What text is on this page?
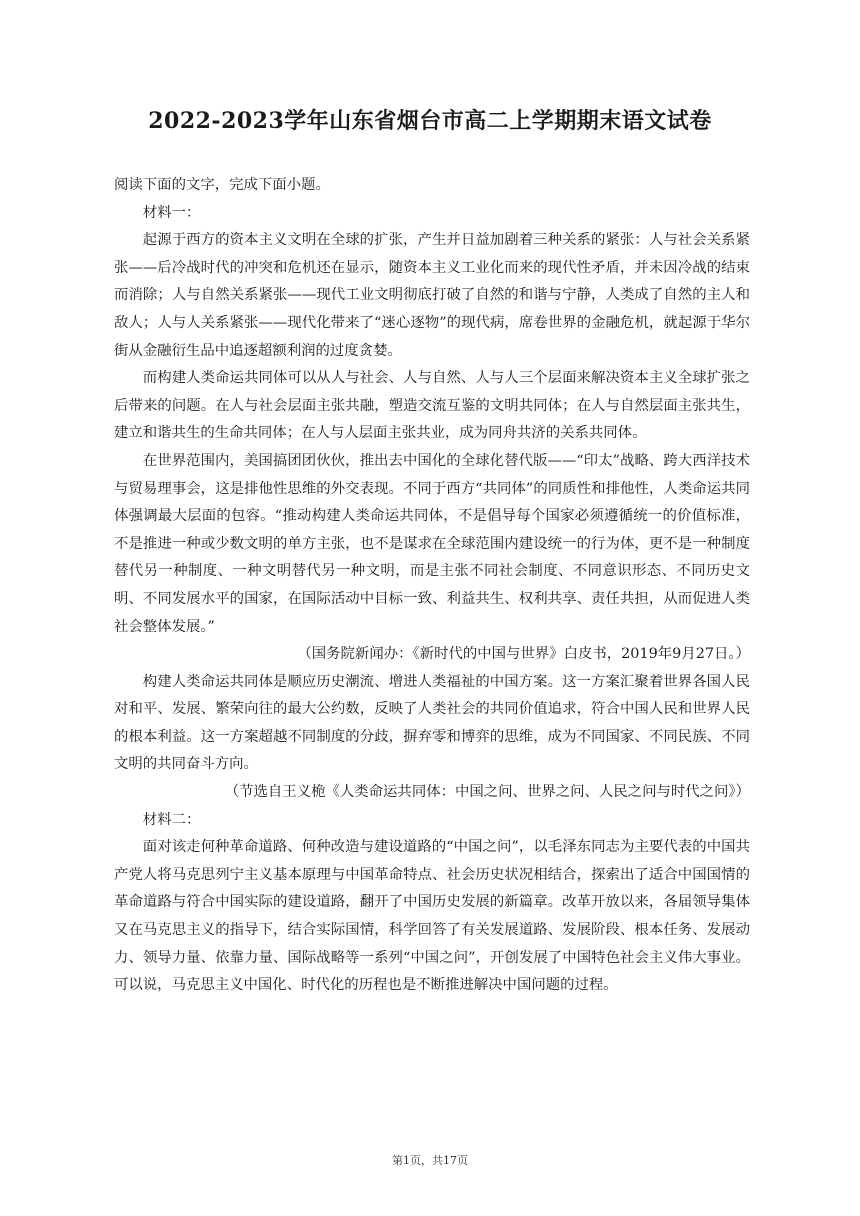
2022-2023学年山东省烟台市高二上学期期末语文试卷

阅读下面的文字，完成下面小题。

材料一：

起源于西方的资本主义文明在全球的扩张，产生并日益加剧着三种关系的紧张：人与社会关系紧张——后冷战时代的冲突和危机还在显示，随资本主义工业化而来的现代性矛盾，并未因冷战的结束而消除；人与自然关系紧张——现代工业文明彻底打破了自然的和谐与宁静，人类成了自然的主人和敌人；人与人关系紧张——现代化带来了“迷心逐物”的现代病，席卷世界的金融危机，就起源于华尔街从金融衍生品中追逐超额利润的过度贪婪。

而构建人类命运共同体可以从人与社会、人与自然、人与人三个层面来解决资本主义全球扩张之后带来的问题。在人与社会层面主张共融，塑造交流互鉴的文明共同体；在人与自然层面主张共生，建立和谐共生的生命共同体；在人与人层面主张共业，成为同舟共济的关系共同体。

在世界范围内，美国搞团团伙伙，推出去中国化的全球化替代版——“印太”战略、跨大西洋技术与贸易理事会，这是排他性思维的外交表现。不同于西方“共同体”的同质性和排他性，人类命运共同体强调最大层面的包容。“推动构建人类命运共同体，不是倡导每个国家必须遵循统一的价值标准，不是推进一种或少数文明的单方主张，也不是谋求在全球范围内建设统一的行为体，更不是一种制度替代另一种制度、一种文明替代另一种文明，而是主张不同社会制度、不同意识形态、不同历史文明、不同发展水平的国家，在国际活动中目标一致、利益共生、权利共享、责任共担，从而促进人类社会整体发展。”

（国务院新闻办：《新时代的中国与世界》白皮书，2019年9月27日。）

构建人类命运共同体是顺应历史潮流、增进人类福祉的中国方案。这一方案汇聚着世界各国人民对和平、发展、繁荣向往的最大公约数，反映了人类社会的共同价值追求，符合中国人民和世界人民的根本利益。这一方案超越不同制度的分歧，摒弃零和博弈的思维，成为不同国家、不同民族、不同文明的共同奋斗方向。

（节选自王义桅《人类命运共同体：中国之问、世界之问、人民之问与时代之问》）

材料二：

面对该走何种革命道路、何种改造与建设道路的“中国之问”，以毛泽东同志为主要代表的中国共产党人将马克思列宁主义基本原理与中国革命特点、社会历史状况相结合，探索出了适合中国国情的革命道路与符合中国实际的建设道路，翻开了中国历史发展的新篇章。改革开放以来，各届领导集体又在马克思主义的指导下，结合实际国情，科学回答了有关发展道路、发展阶段、根本任务、发展动力、领导力量、依靠力量、国际战略等一系列“中国之问”，开创发展了中国特色社会主义伟大事业。可以说，马克思主义中国化、时代化的历程也是不断推进解决中国问题的过程。

第1页，共17页
